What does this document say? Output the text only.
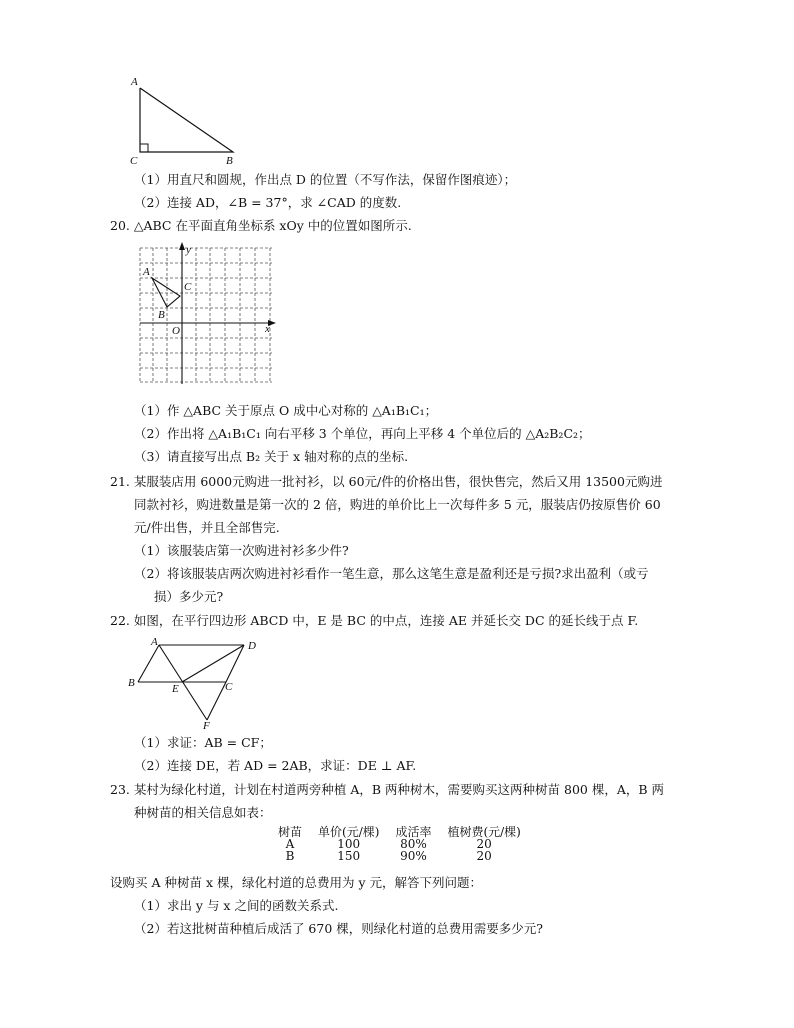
A
C	B
（1）用直尺和圆规，作出点 D 的位置（不写作法，保留作图痕迹）；
（2）连接 AD，∠B = 37°，求 ∠CAD 的度数.
20. △ABC 在平面直角坐标系 xOy 中的位置如图所示.
y
x
O
A
B
C
（1）作 △ABC 关于原点 O 成中心对称的 △A₁B₁C₁；
（2）作出将 △A₁B₁C₁ 向右平移 3 个单位，再向上平移 4 个单位后的 △A₂B₂C₂；
（3）请直接写出点 B₂ 关于 x 轴对称的点的坐标.
21. 某服装店用 6000元购进一批衬衫，以 60元/件的价格出售，很快售完，然后又用 13500元购进
同款衬衫，购进数量是第一次的 2 倍，购进的单价比上一次每件多 5 元，服装店仍按原售价 60
元/件出售，并且全部售完.
（1）该服装店第一次购进衬衫多少件?
（2）将该服装店两次购进衬衫看作一笔生意，那么这笔生意是盈利还是亏损?求出盈利（或亏
损）多少元?
22. 如图，在平行四边形 ABCD 中，E 是 BC 的中点，连接 AE 并延长交 DC 的延长线于点 F.
A	D
B	E	C
F
（1）求证：AB = CF；
（2）连接 DE，若 AD = 2AB，求证：DE ⊥ AF.
23. 某村为绿化村道，计划在村道两旁种植 A，B 两种树木，需要购买这两种树苗 800 棵，A，B 两
种树苗的相关信息如表：
树苗	单价(元/棵)	成活率	植树费(元/棵)
A	100	80%	20
B	150	90%	20
设购买 A 种树苗 x 棵，绿化村道的总费用为 y 元，解答下列问题：
（1）求出 y 与 x 之间的函数关系式.
（2）若这批树苗种植后成活了 670 棵，则绿化村道的总费用需要多少元?
